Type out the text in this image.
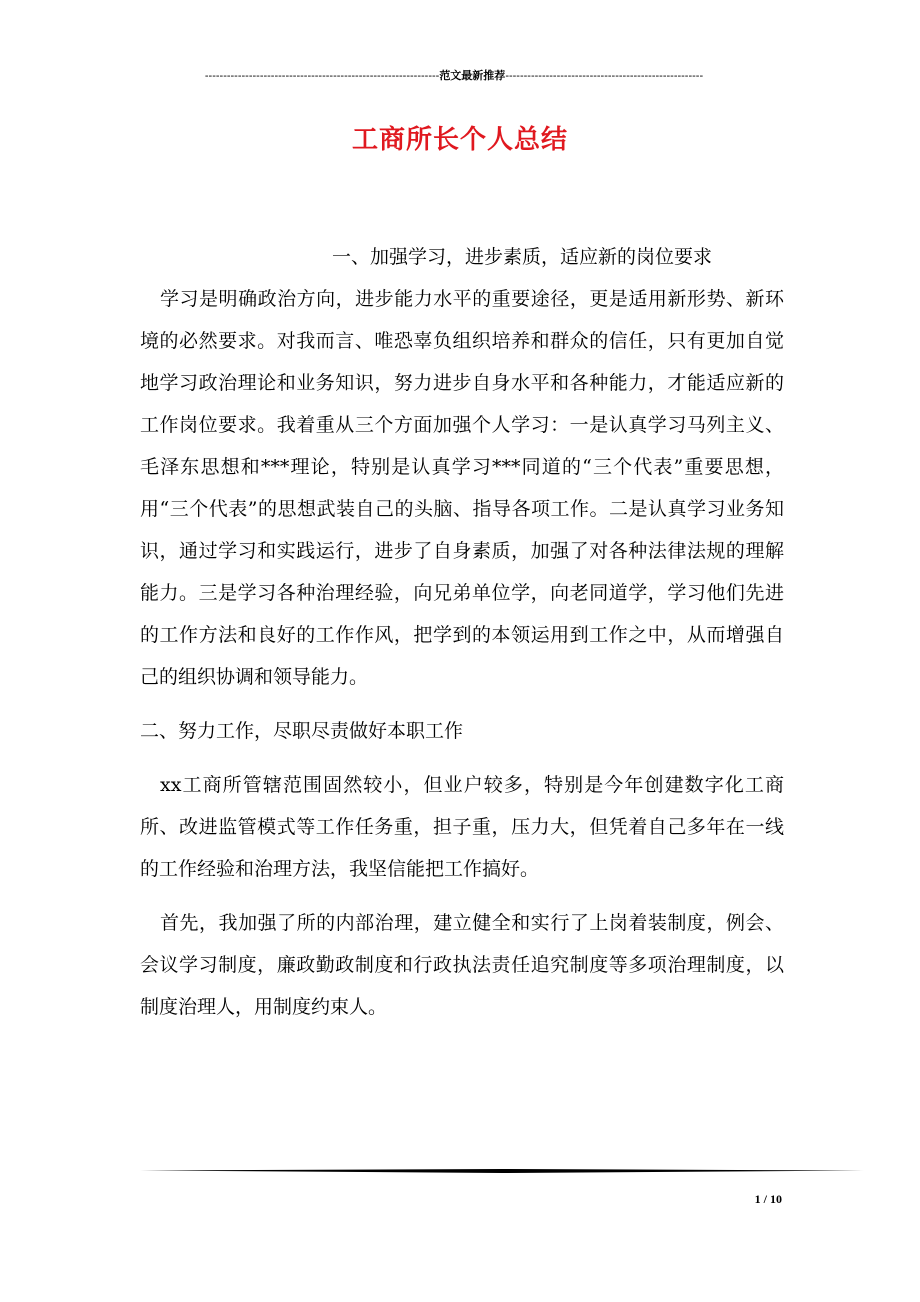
----------------------------------------------------------------范文最新推荐------------------------------------------------------
工商所长个人总结
一、加强学习，进步素质，适应新的岗位要求

学习是明确政治方向，进步能力水平的重要途径，更是适用新形势、新环境的必然要求。对我而言、唯恐辜负组织培养和群众的信任，只有更加自觉地学习政治理论和业务知识，努力进步自身水平和各种能力，才能适应新的工作岗位要求。我着重从三个方面加强个人学习：一是认真学习马列主义、毛泽东思想和***理论，特别是认真学习***同道的“三个代表”重要思想，用“三个代表”的思想武装自己的头脑、指导各项工作。二是认真学习业务知识，通过学习和实践运行，进步了自身素质，加强了对各种法律法规的理解能力。三是学习各种治理经验，向兄弟单位学，向老同道学，学习他们先进的工作方法和良好的工作作风，把学到的本领运用到工作之中，从而增强自己的组织协调和领导能力。

二、努力工作，尽职尽责做好本职工作

xx工商所管辖范围固然较小，但业户较多，特别是今年创建数字化工商所、改进监管模式等工作任务重，担子重，压力大，但凭着自己多年在一线的工作经验和治理方法，我坚信能把工作搞好。

首先，我加强了所的内部治理，建立健全和实行了上岗着装制度，例会、会议学习制度，廉政勤政制度和行政执法责任追究制度等多项治理制度，以制度治理人，用制度约束人。

1 / 10
